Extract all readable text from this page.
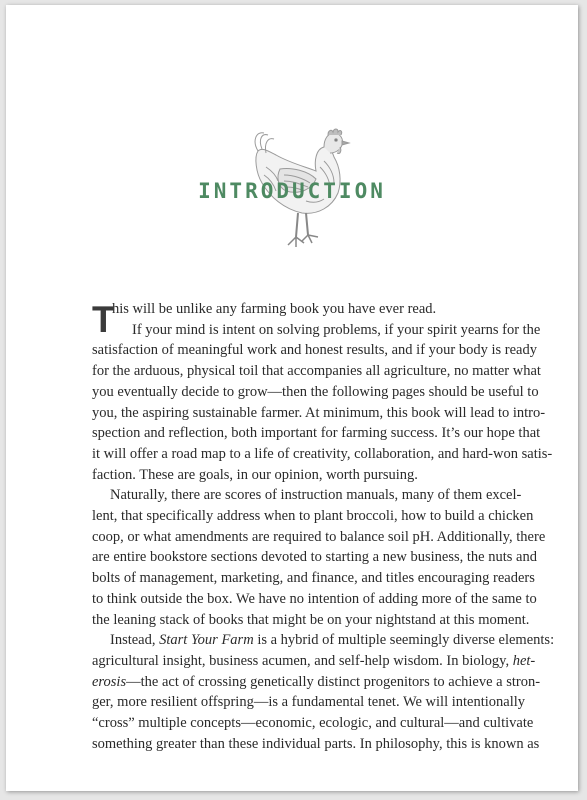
INTRODUCTION
T
his will be unlike any farming book you have ever read.
If your mind is intent on solving problems, if your spirit yearns for the
satisfaction of meaningful work and honest results, and if your body is ready
for the arduous, physical toil that accompanies all agriculture, no matter what
you eventually decide to grow—then the following pages should be useful to
you, the aspiring sustainable farmer. At minimum, this book will lead to intro-
spection and reflection, both important for farming success. It’s our hope that
it will offer a road map to a life of creativity, collaboration, and hard-won satis-
faction. These are goals, in our opinion, worth pursuing.
Naturally, there are scores of instruction manuals, many of them excel-
lent, that specifically address when to plant broccoli, how to build a chicken
coop, or what amendments are required to balance soil pH. Additionally, there
are entire bookstore sections devoted to starting a new business, the nuts and
bolts of management, marketing, and finance, and titles encouraging readers
to think outside the box. We have no intention of adding more of the same to
the leaning stack of books that might be on your nightstand at this moment.
Instead, Start Your Farm is a hybrid of multiple seemingly diverse elements:
agricultural insight, business acumen, and self-help wisdom. In biology, het-
erosis—the act of crossing genetically distinct progenitors to achieve a stron-
ger, more resilient offspring—is a fundamental tenet. We will intentionally
“cross” multiple concepts—economic, ecologic, and cultural—and cultivate
something greater than these individual parts. In philosophy, this is known as
